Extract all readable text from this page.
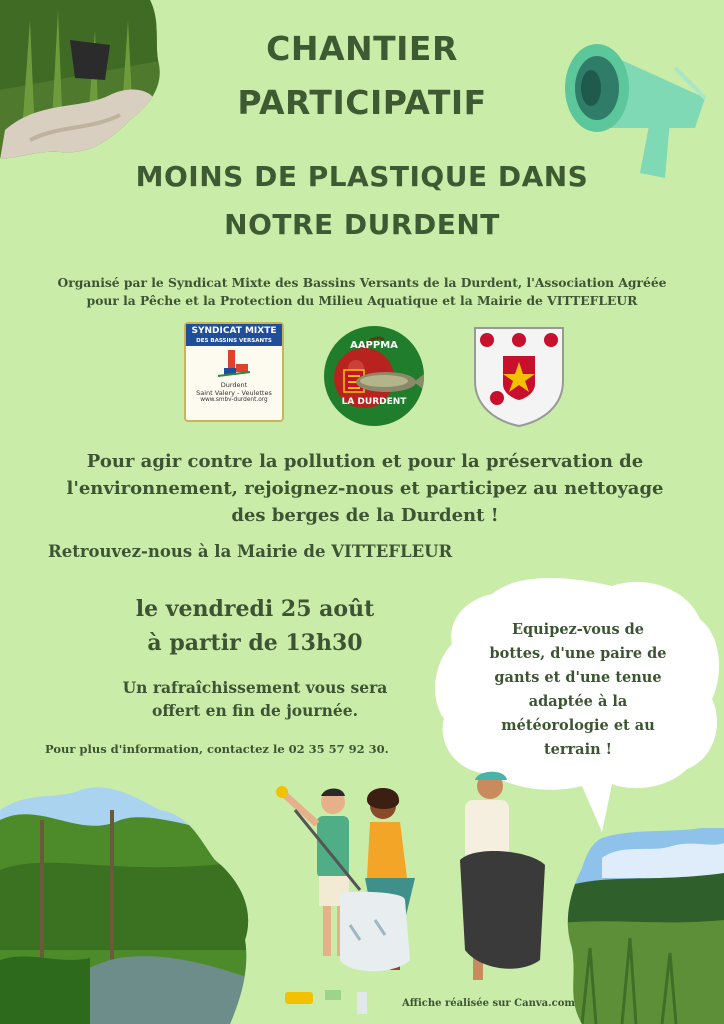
CHANTIER
PARTICIPATIF
MOINS DE PLASTIQUE DANS
NOTRE DURDENT
Organisé par le Syndicat Mixte des Bassins Versants de la Durdent, l'Association Agréée
pour la Pêche et la Protection du Milieu Aquatique et la Mairie de VITTEFLEUR
SYNDICAT MIXTE
DES BASSINS VERSANTS
Durdent
Saint Valery - Veulettes
www.smbv-durdent.org
AAPPMA
LA DURDENT
Pour agir contre la pollution et pour la préservation de
l'environnement, rejoignez-nous et participez au nettoyage
des berges de la Durdent !
Retrouvez-nous à la Mairie de VITTEFLEUR
le vendredi 25 août
à partir de 13h30
Un rafraîchissement vous sera
offert en fin de journée.
Pour plus d'information, contactez le 02 35 57 92 30.
Equipez-vous de
bottes, d'une paire de
gants et d'une tenue
adaptée à la
météorologie et au
terrain !
Affiche réalisée sur Canva.com
